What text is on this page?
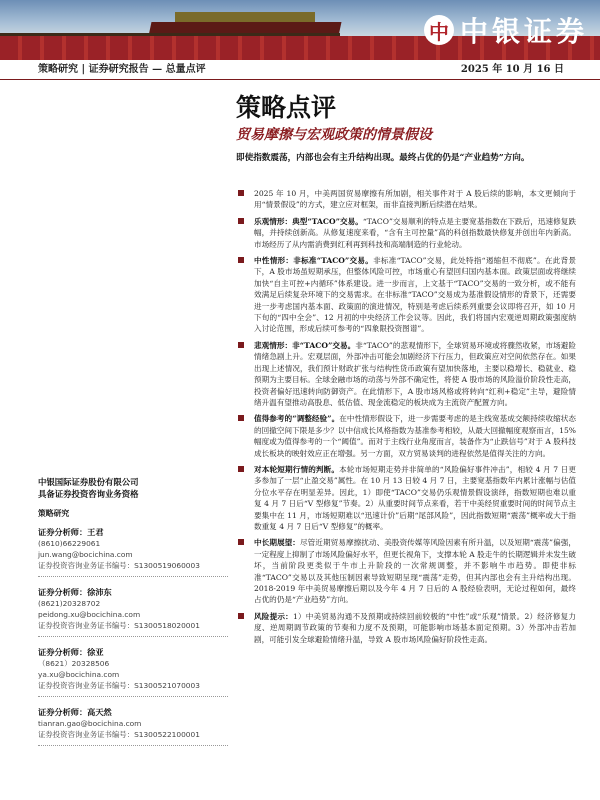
中 中银证券
策略研究 | 证券研究报告 — 总量点评	2025 年 10 月 16 日
策略点评
贸易摩擦与宏观政策的情景假设
即使指数震荡，内部也会有主升结构出现。最终占优的仍是“产业趋势”方向。
2025 年 10 月，中美两国贸易摩擦有所加剧，相关事件对于 A 股后续的影响，本文更倾向于用“情景假设”的方式，建立应对框架，而非直接判断后续潜在结果。
乐观情形：典型“TACO”交易。“TACO”交易顺利的特点是主要宽基指数在下跌后，迅速修复跌幅，并持续创新高。从修复速度来看，“含有主可控量”高的科创指数最快修复并创出年内新高。市场经历了从内需消费到红利再到科技和高端制造的行业轮动。
中性情形：非标准“TACO”交易。非标准“TACO”交易，此处特指“遏缩但不彻底”。在此背景下，A 股市场虽短期承压，但整体风险可控，市场重心有望回归国内基本面。政策层面或将继续加快“自主可控+内循环”体系建设。进一步而言，上文基于“TACO”交易的一致分析，或不能有效满足后续复杂环境下的交易需求。在非标准“TACO”交易成为基准假设情形的背景下，还需要进一步考虑国内基本面、政策面的演进情况，特别是考虑后续系列重要会议即将召开，如 10 月下旬的“四中全会”、12 月初的中央经济工作会议等。因此，我们将国内宏观逆周期政策强度纳入讨论范围，形成后续可参考的“四象限投资图谱”。
悲观情形：非“TACO”交易。非“TACO”的悲观情形下，全球贸易环境或将骤然收紧，市场避险情绪急剧上升。宏观层面，外部冲击可能会加剧经济下行压力，但政策应对空间依然存在。如果出现上述情况，我们预计财政扩张与结构性货币政策有望加快落地，主要以稳增长、稳就业、稳预期为主要目标。全球金融市场的动荡与外部不确定性，将使 A 股市场的风险溢价阶段性走高，投资者偏好迅速转向防御资产。在此情形下，A 股市场风格或将转向“红利+稳定”主导，避险情绪升温有望推动高股息、低估值、现金流稳定的板块成为主流资产配置方向。
值得参考的“调整经验”。在中性情形假设下，进一步需要考虑的是主线宽基成交额持续收缩状态的回撤空间下限是多少？以中信成长风格指数为基准参考相较，从最大回撤幅度观察而言，15%幅度或为值得参考的一个“阈值”。而对于主线行业角度而言，装备作为“止跌信号”对于 A 股科技成长板块的映射效应正在增强。另一方面，双方贸易谈判的进程依然是值得关注的方向。
对本轮短期行情的判断。本轮市场短期走势并非简单的“风险偏好事件冲击”，相较 4 月 7 日更多参加了一层“止盈交易”属性。在 10 月 13 日较 4 月 7 日，主要宽基指数年内累计涨幅与估值分位水平存在明显差异。因此，1）即使“TACO”交易仍乐观情景假设演绎，指数短期也难以重复 4 月 7 日后“V 型修复”节奏。2）从重要时间节点来看，若干中美经贸重要时间的时间节点主要集中在 11 月，市场短期难以“迅速计价”后期“尾部风险”，因此指数短期“震荡”概率或大于指数重复 4 月 7 日后“V 型修复”的概率。
中长期展望：尽管近期贸易摩擦扰动、美股资传媒等风险因素有所升温，以及短期“震荡”偏强，一定程度上抑制了市场风险偏好水平，但更长视角下，支撑本轮 A 股走牛的长期逻辑并未发生破坏，当前阶段更类似于牛市上升阶段的一次常规调整，并不影响牛市趋势。即使非标准“TACO”交易以及其他压制因素导致短期呈现“震荡”走势，但其内部也会有主升结构出现。2018-2019 年中美贸易摩擦后期以及今年 4 月 7 日后的 A 股经验表明，无论过程如何，最终占优的仍是“产业趋势”方向。
风险提示：1）中美贸易沟通不及预期或持续回前较极的“中性”或“乐观”情景。2）经济修复力度、逆周期调节政策的节奏和力度不及预期，可能影响市场基本面定预期。3）外部冲击若加剧，可能引发全球避险情绪升温，导致 A 股市场风险偏好阶段性走高。
中银国际证券股份有限公司
具备证券投资咨询业务资格
策略研究
证券分析师：王君
(8610)66229061
jun.wang@bocichina.com
证券投资咨询业务证书编号：S1300519060003
证券分析师：徐沛东
(8621)20328702
peidong.xu@bocichina.com
证券投资咨询业务证书编号：S1300518020001
证券分析师：徐亚
（8621）20328506
ya.xu@bocichina.com
证券投资咨询业务证书编号：S1300521070003
证券分析师：高天然
tianran.gao@bocichina.com
证券投资咨询业务证书编号：S1300522100001
